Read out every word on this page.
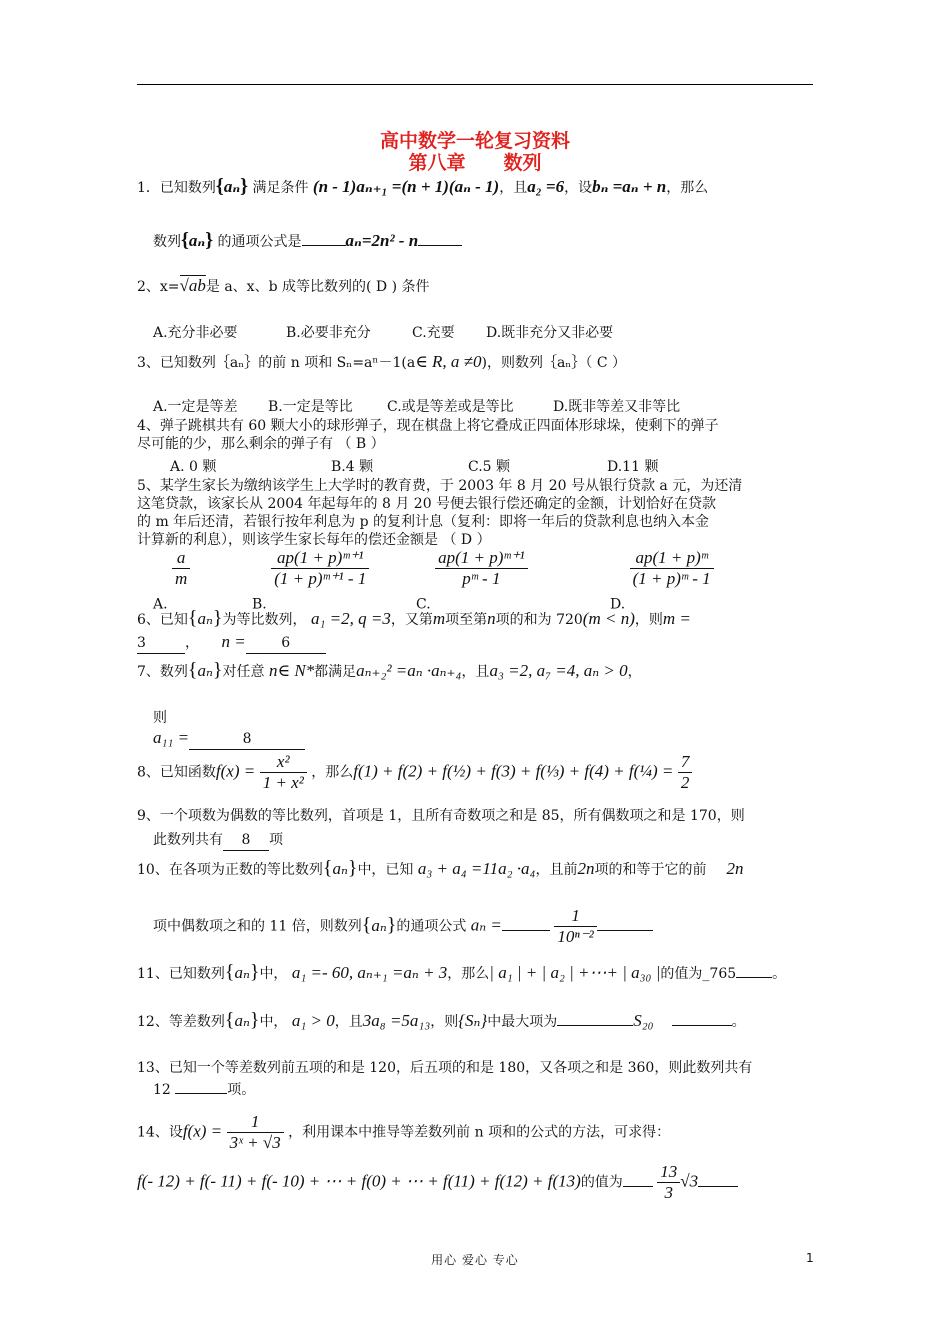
高中数学一轮复习资料
第八章 数列
1．已知数列{aₙ} 满足条件 (n - 1)aₙ₊₁ =(n + 1)(aₙ - 1)，且a₂ =6，设bₙ =aₙ + n，那么
数列{aₙ} 的通项公式是	aₙ=2n² - n
2、x=√ab是 a、x、b 成等比数列的( D ) 条件
A.充分非必要	B.必要非充分	C.充要 D.既非充分又非必要
3、已知数列｛aₙ｝的前 n 项和 Sₙ=aⁿ－1(a∈ R, a ≠0)，则数列｛aₙ｝（ C ）
A.一定是等差 B.一定是等比 C.或是等差或是等比	D.既非等差又非等比
4、弹子跳棋共有 60 颗大小的球形弹子，现在棋盘上将它叠成正四面体形球垛，使剩下的弹子
尽可能的少，那么剩余的弹子有 （ B ）
A. 0 颗	B.4 颗	C.5 颗	D.11 颗
5、某学生家长为缴纳该学生上大学时的教育费，于 2003 年 8 月 20 号从银行贷款 a 元，为还清
这笔贷款，该家长从 2004 年起每年的 8 月 20 号便去银行偿还确定的金额，计划恰好在贷款
的 m 年后还清，若银行按年利息为 p 的复利计息（复利：即将一年后的贷款利息也纳入本金
计算新的利息），则该学生家长每年的偿还金额是 （ D ）
A.
$\frac{a}{m}$
B.
$\frac{\text{ap(1 + p)ᵐ⁺¹}}{\text{(1 + p)ᵐ⁺¹ - 1}}$
C.
$\frac{\text{ap(1 + p)ᵐ⁺¹}}{\text{pᵐ - 1}}$
D.
$\frac{\text{ap(1 + p)ᵐ}}{\text{(1 + p)ᵐ - 1}}$
6、已知{aₙ}为等比数列， a₁ =2, q =3，又第m项至第n项的和为 720(m < n)，则m =
3	， n =	6
7、数列{aₙ}对任意 n∈ N*都满足aₙ₊₂² =aₙ ·aₙ₊₄，且a₃ =2, a₇ =4, aₙ > 0，
则
a₁₁ =	8
8、已知函数$f(x) = \frac{\text{x²}}{\text{1 + x²}}$ ，那么f(1) + f(2) + f(½) + f(3) + f(⅓) + f(4) + f(¼) = $\frac{7}{2}$
9、一个项数为偶数的等比数列，首项是 1，且所有奇数项之和是 85，所有偶数项之和是 170，则
此数列共有 8 项
10、在各项为正数的等比数列{aₙ}中，已知 a₃ + a₄ =11a₂ ·a₄，且前2n项的和等于它的前 2n
项中偶数项之和的 11 倍，则数列{aₙ}的通项公式 aₙ =	$\frac{1}{\text{10ⁿ⁻²}}$
11、已知数列{aₙ}中， a₁ =- 60, aₙ₊₁ =aₙ + 3，那么| a₁ | + | a₂ | +⋯+ | a₃₀ |的值为_765	。
12、等差数列{aₙ}中， a₁ > 0，且3a₈ =5a₁₃，则{Sₙ}中最大项为	S₂₀	。
13、已知一个等差数列前五项的和是 120，后五项的和是 180，又各项之和是 360，则此数列共有
12	项。
14、设$f(x) = \frac{1}{\text{3ˣ + √3}}$ ，利用课本中推导等差数列前 n 项和的公式的方法，可求得：
f(- 12) + f(- 11) + f(- 10) + ⋯ + f(0) + ⋯ + f(11) + f(12) + f(13)的值为 $\frac{13}{3} √3$
用心 爱心 专心	1
